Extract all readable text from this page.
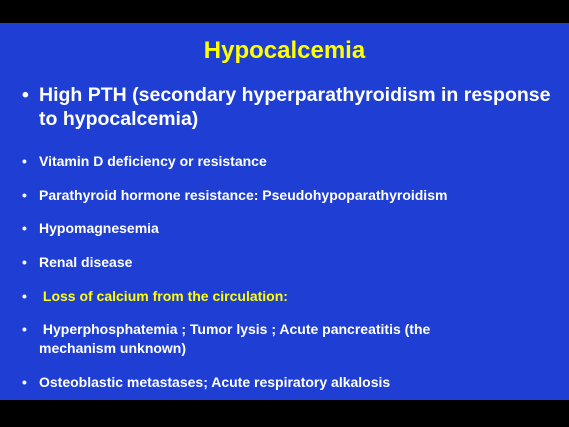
Hypocalcemia
• High PTH (secondary hyperparathyroidism in response to hypocalcemia)
• Vitamin D deficiency or resistance
• Parathyroid hormone resistance: Pseudohypoparathyroidism
• Hypomagnesemia
• Renal disease
• Loss of calcium from the circulation:
• Hyperphosphatemia ; Tumor lysis ; Acute pancreatitis (the mechanism unknown)
• Osteoblastic metastases; Acute respiratory alkalosis
